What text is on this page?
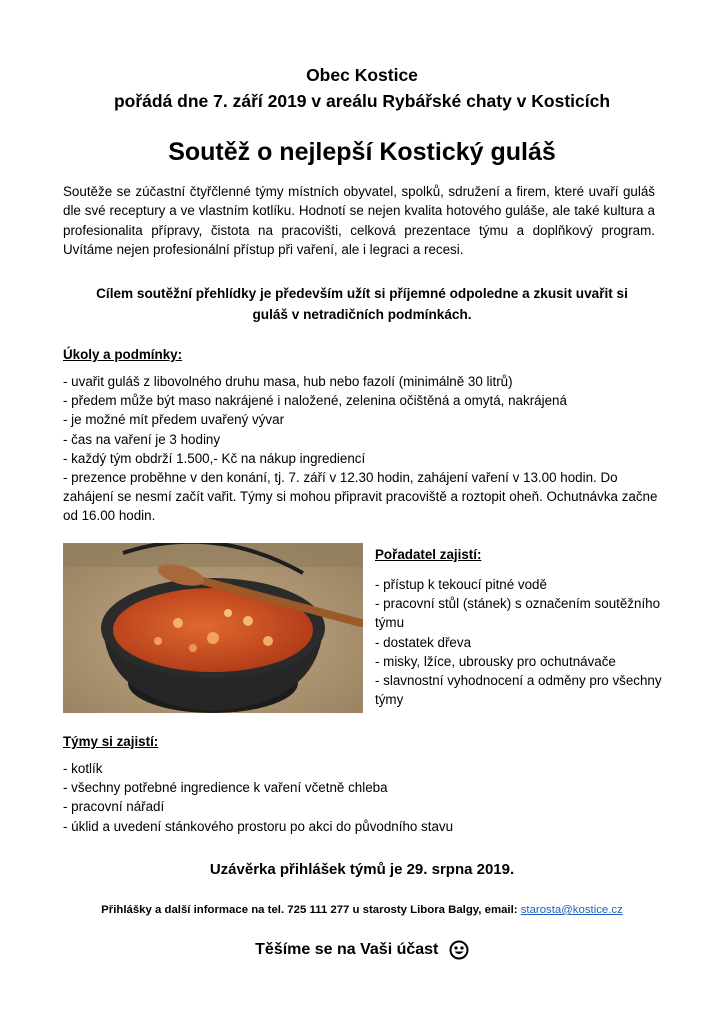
Obec Kostice
pořádá dne 7. září 2019 v areálu Rybářské chaty v Kosticích
Soutěž o nejlepší Kostický guláš
Soutěže se zúčastní čtyřčlenné týmy místních obyvatel, spolků, sdružení a firem, které uvaří guláš dle své receptury a ve vlastním kotlíku. Hodnotí se nejen kvalita hotového guláše, ale také kultura a profesionalita přípravy, čistota na pracovišti, celková prezentace týmu a doplňkový program. Uvítáme nejen profesionální přístup při vaření, ale i legraci a recesi.
Cílem soutěžní přehlídky je především užít si příjemné odpoledne a zkusit uvařit si guláš v netradičních podmínkách.
Úkoly a podmínky:
- uvařit guláš z libovolného druhu masa, hub nebo fazolí (minimálně 30 litrů)
- předem může být maso nakrájené i naložené, zelenina očištěná a omytá, nakrájená
- je možné mít předem uvařený vývar
- čas na vaření je 3 hodiny
- každý tým obdrží 1.500,- Kč na nákup ingrediencí
- prezence proběhne v den konání, tj. 7. září v 12.30 hodin, zahájení vaření v 13.00 hodin. Do zahájení se nesmí začít vařit. Týmy si mohou připravit pracoviště a roztopit oheň. Ochutnávka začne od 16.00 hodin.
Pořadatel zajistí:
- přístup k tekoucí pitné vodě
- pracovní stůl (stánek) s označením soutěžního týmu
- dostatek dřeva
- misky, lžíce, ubrousky pro ochutnávače
- slavnostní vyhodnocení a odměny pro všechny týmy
Týmy si zajistí:
- kotlík
- všechny potřebné ingredience k vaření včetně chleba
- pracovní nářadí
- úklid a uvedení stánkového prostoru po akci do původního stavu
Uzávěrka přihlášek týmů je 29. srpna 2019.
Přihlášky a další informace na tel. 725 111 277 u starosty Libora Balgy, email: starosta@kostice.cz
Těšíme se na Vaši účast
